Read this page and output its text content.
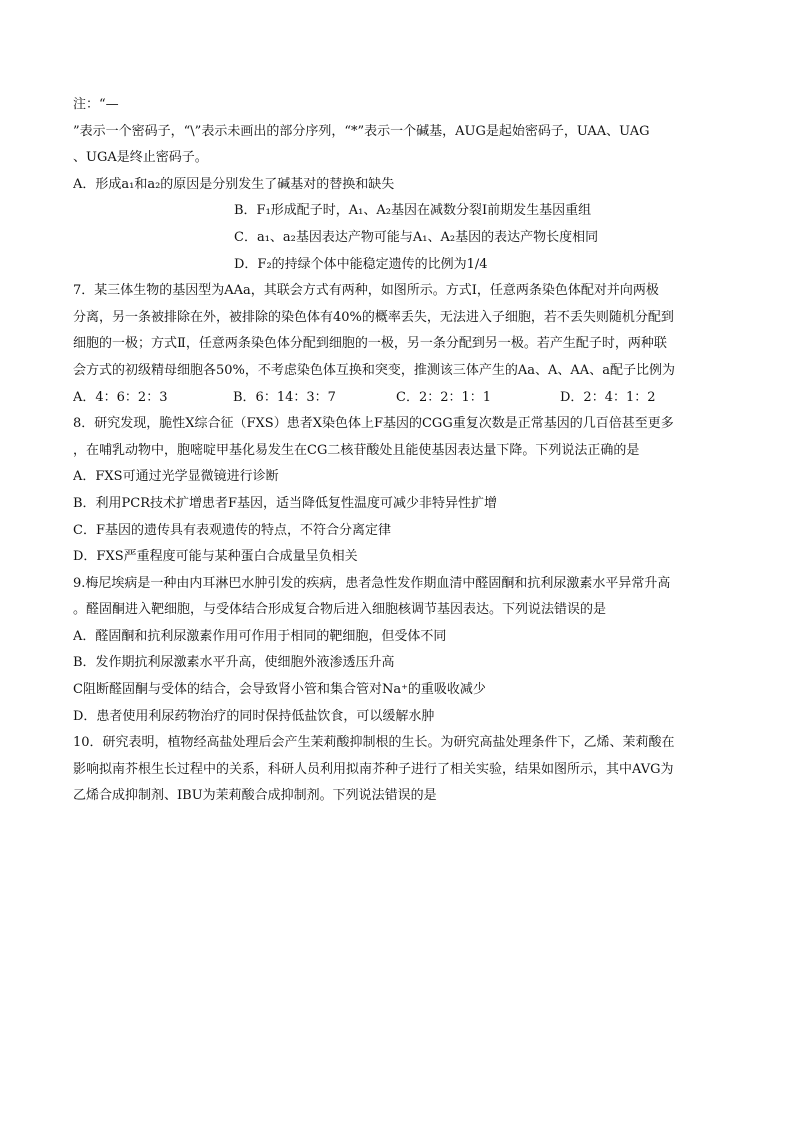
注：“—
”表示一个密码子，“\”表示未画出的部分序列，“*”表示一个碱基，AUG是起始密码子，UAA、UAG
、UGA是终止密码子。
A．形成a₁和a₂的原因是分别发生了碱基对的替换和缺失
B．F₁形成配子时，A₁、A₂基因在减数分裂Ⅰ前期发生基因重组
C．a₁、a₂基因表达产物可能与A₁、A₂基因的表达产物长度相同
D．F₂的持绿个体中能稳定遗传的比例为1/4
7．某三体生物的基因型为AAa，其联会方式有两种，如图所示。方式Ⅰ，任意两条染色体配对并向两极
分离，另一条被排除在外，被排除的染色体有40%的概率丢失，无法进入子细胞，若不丢失则随机分配到
细胞的一极；方式Ⅱ，任意两条染色体分配到细胞的一极，另一条分配到另一极。若产生配子时，两种联
会方式的初级精母细胞各50%，不考虑染色体互换和突变，推测该三体产生的Aa、A、AA、a配子比例为
A．4：6：2：3	B．6：14：3：7	C．2：2：1：1	D．2：4：1：2
8．研究发现，脆性X综合征（FXS）患者X染色体上F基因的CGG重复次数是正常基因的几百倍甚至更多
，在哺乳动物中，胞嘧啶甲基化易发生在CG二核苷酸处且能使基因表达量下降。下列说法正确的是
A．FXS可通过光学显微镜进行诊断
B．利用PCR技术扩增患者F基因，适当降低复性温度可减少非特异性扩增
C．F基因的遗传具有表观遗传的特点，不符合分离定律
D．FXS严重程度可能与某种蛋白合成量呈负相关
9.梅尼埃病是一种由内耳淋巴水肿引发的疾病，患者急性发作期血清中醛固酮和抗利尿激素水平异常升高
。醛固酮进入靶细胞，与受体结合形成复合物后进入细胞核调节基因表达。下列说法错误的是
A．醛固酮和抗利尿激素作用可作用于相同的靶细胞，但受体不同
B．发作期抗利尿激素水平升高，使细胞外液渗透压升高
C阻断醛固酮与受体的结合，会导致肾小管和集合管对Na⁺的重吸收减少
D．患者使用利尿药物治疗的同时保持低盐饮食，可以缓解水肿
10．研究表明，植物经高盐处理后会产生茉莉酸抑制根的生长。为研究高盐处理条件下，乙烯、茉莉酸在
影响拟南芥根生长过程中的关系，科研人员利用拟南芥种子进行了相关实验，结果如图所示，其中AVG为
乙烯合成抑制剂、IBU为茉莉酸合成抑制剂。下列说法错误的是
